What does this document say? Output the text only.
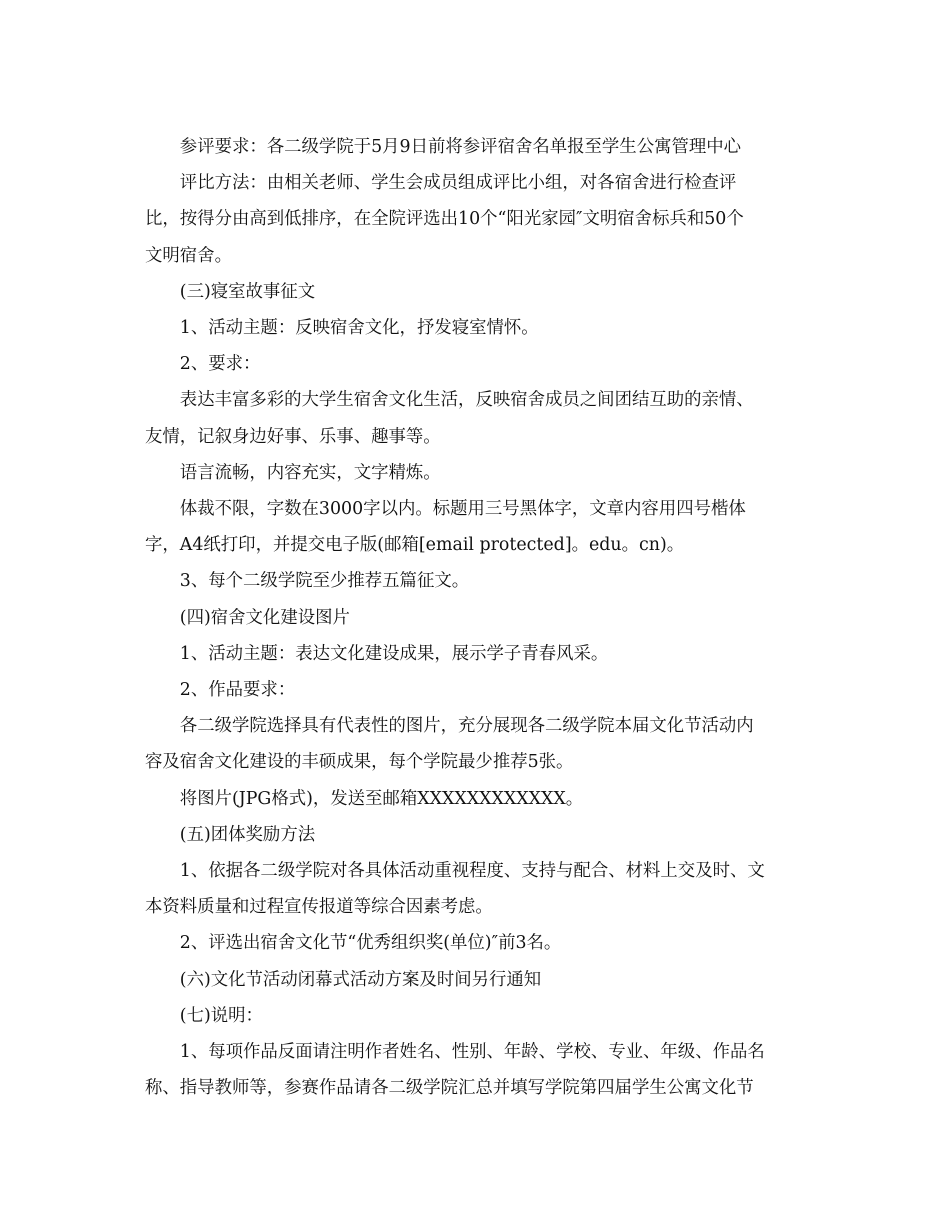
参评要求：各二级学院于5月9日前将参评宿舍名单报至学生公寓管理中心
评比方法：由相关老师、学生会成员组成评比小组，对各宿舍进行检查评
比，按得分由高到低排序，在全院评选出10个“阳光家园″文明宿舍标兵和50个
文明宿舍。
(三)寝室故事征文
1、活动主题：反映宿舍文化，抒发寝室情怀。
2、要求：
表达丰富多彩的大学生宿舍文化生活，反映宿舍成员之间团结互助的亲情、
友情，记叙身边好事、乐事、趣事等。
语言流畅，内容充实，文字精炼。
体裁不限，字数在3000字以内。标题用三号黑体字，文章内容用四号楷体
字，A4纸打印，并提交电子版(邮箱[email protected]。edu。cn)。
3、每个二级学院至少推荐五篇征文。
(四)宿舍文化建设图片
1、活动主题：表达文化建设成果，展示学子青春风采。
2、作品要求：
各二级学院选择具有代表性的图片，充分展现各二级学院本届文化节活动内
容及宿舍文化建设的丰硕成果，每个学院最少推荐5张。
将图片(JPG格式)，发送至邮箱XXXXXXXXXXXX。
(五)团体奖励方法
1、依据各二级学院对各具体活动重视程度、支持与配合、材料上交及时、文
本资料质量和过程宣传报道等综合因素考虑。
2、评选出宿舍文化节“优秀组织奖(单位)″前3名。
(六)文化节活动闭幕式活动方案及时间另行通知
(七)说明：
1、每项作品反面请注明作者姓名、性别、年龄、学校、专业、年级、作品名
称、指导教师等，参赛作品请各二级学院汇总并填写学院第四届学生公寓文化节
